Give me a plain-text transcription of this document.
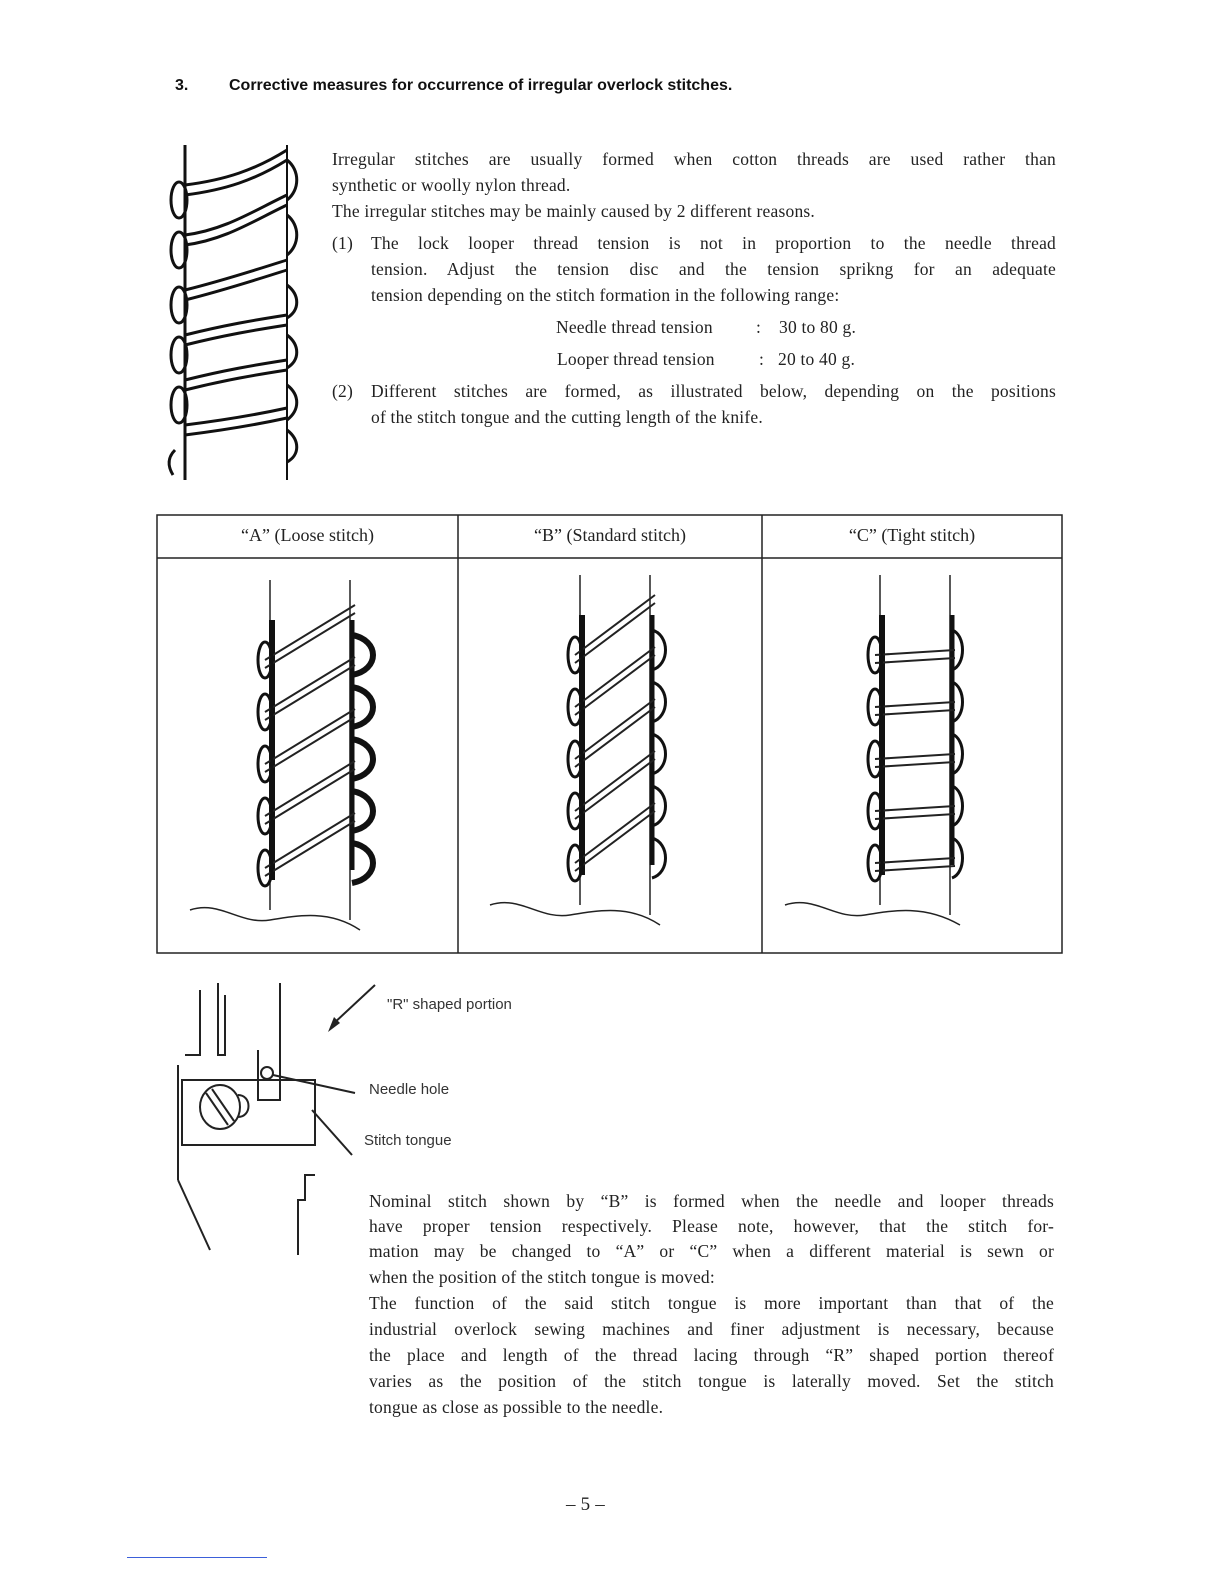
3.	Corrective measures for occurrence of irregular overlock stitches.
Irregular stitches are usually formed when cotton threads are used rather than
synthetic or woolly nylon thread.
The irregular stitches may be mainly caused by 2 different reasons.
(1) The lock looper thread tension is not in proportion to the needle thread
tension. Adjust the tension disc and the tension sprikng for an adequate
tension depending on the stitch formation in the following range:
Needle thread tension : 30 to 80 g.
Looper thread tension	: 20 to 40 g.
(2) Different stitches are formed, as illustrated below, depending on the positions
of the stitch tongue and the cutting length of the knife.
“A” (Loose stitch)	“B” (Standard stitch)	“C” (Tight stitch)
"R" shaped portion
Needle hole
Stitch tongue
Nominal stitch shown by “B” is formed when the needle and looper threads
have proper tension respectively. Please note, however, that the stitch for-
mation may be changed to “A” or “C” when a different material is sewn or
when the position of the stitch tongue is moved:
The function of the said stitch tongue is more important than that of the
industrial overlock sewing machines and finer adjustment is necessary, because
the place and length of the thread lacing through “R” shaped portion thereof
varies as the position of the stitch tongue is laterally moved. Set the stitch
tongue as close as possible to the needle.
– 5 –
